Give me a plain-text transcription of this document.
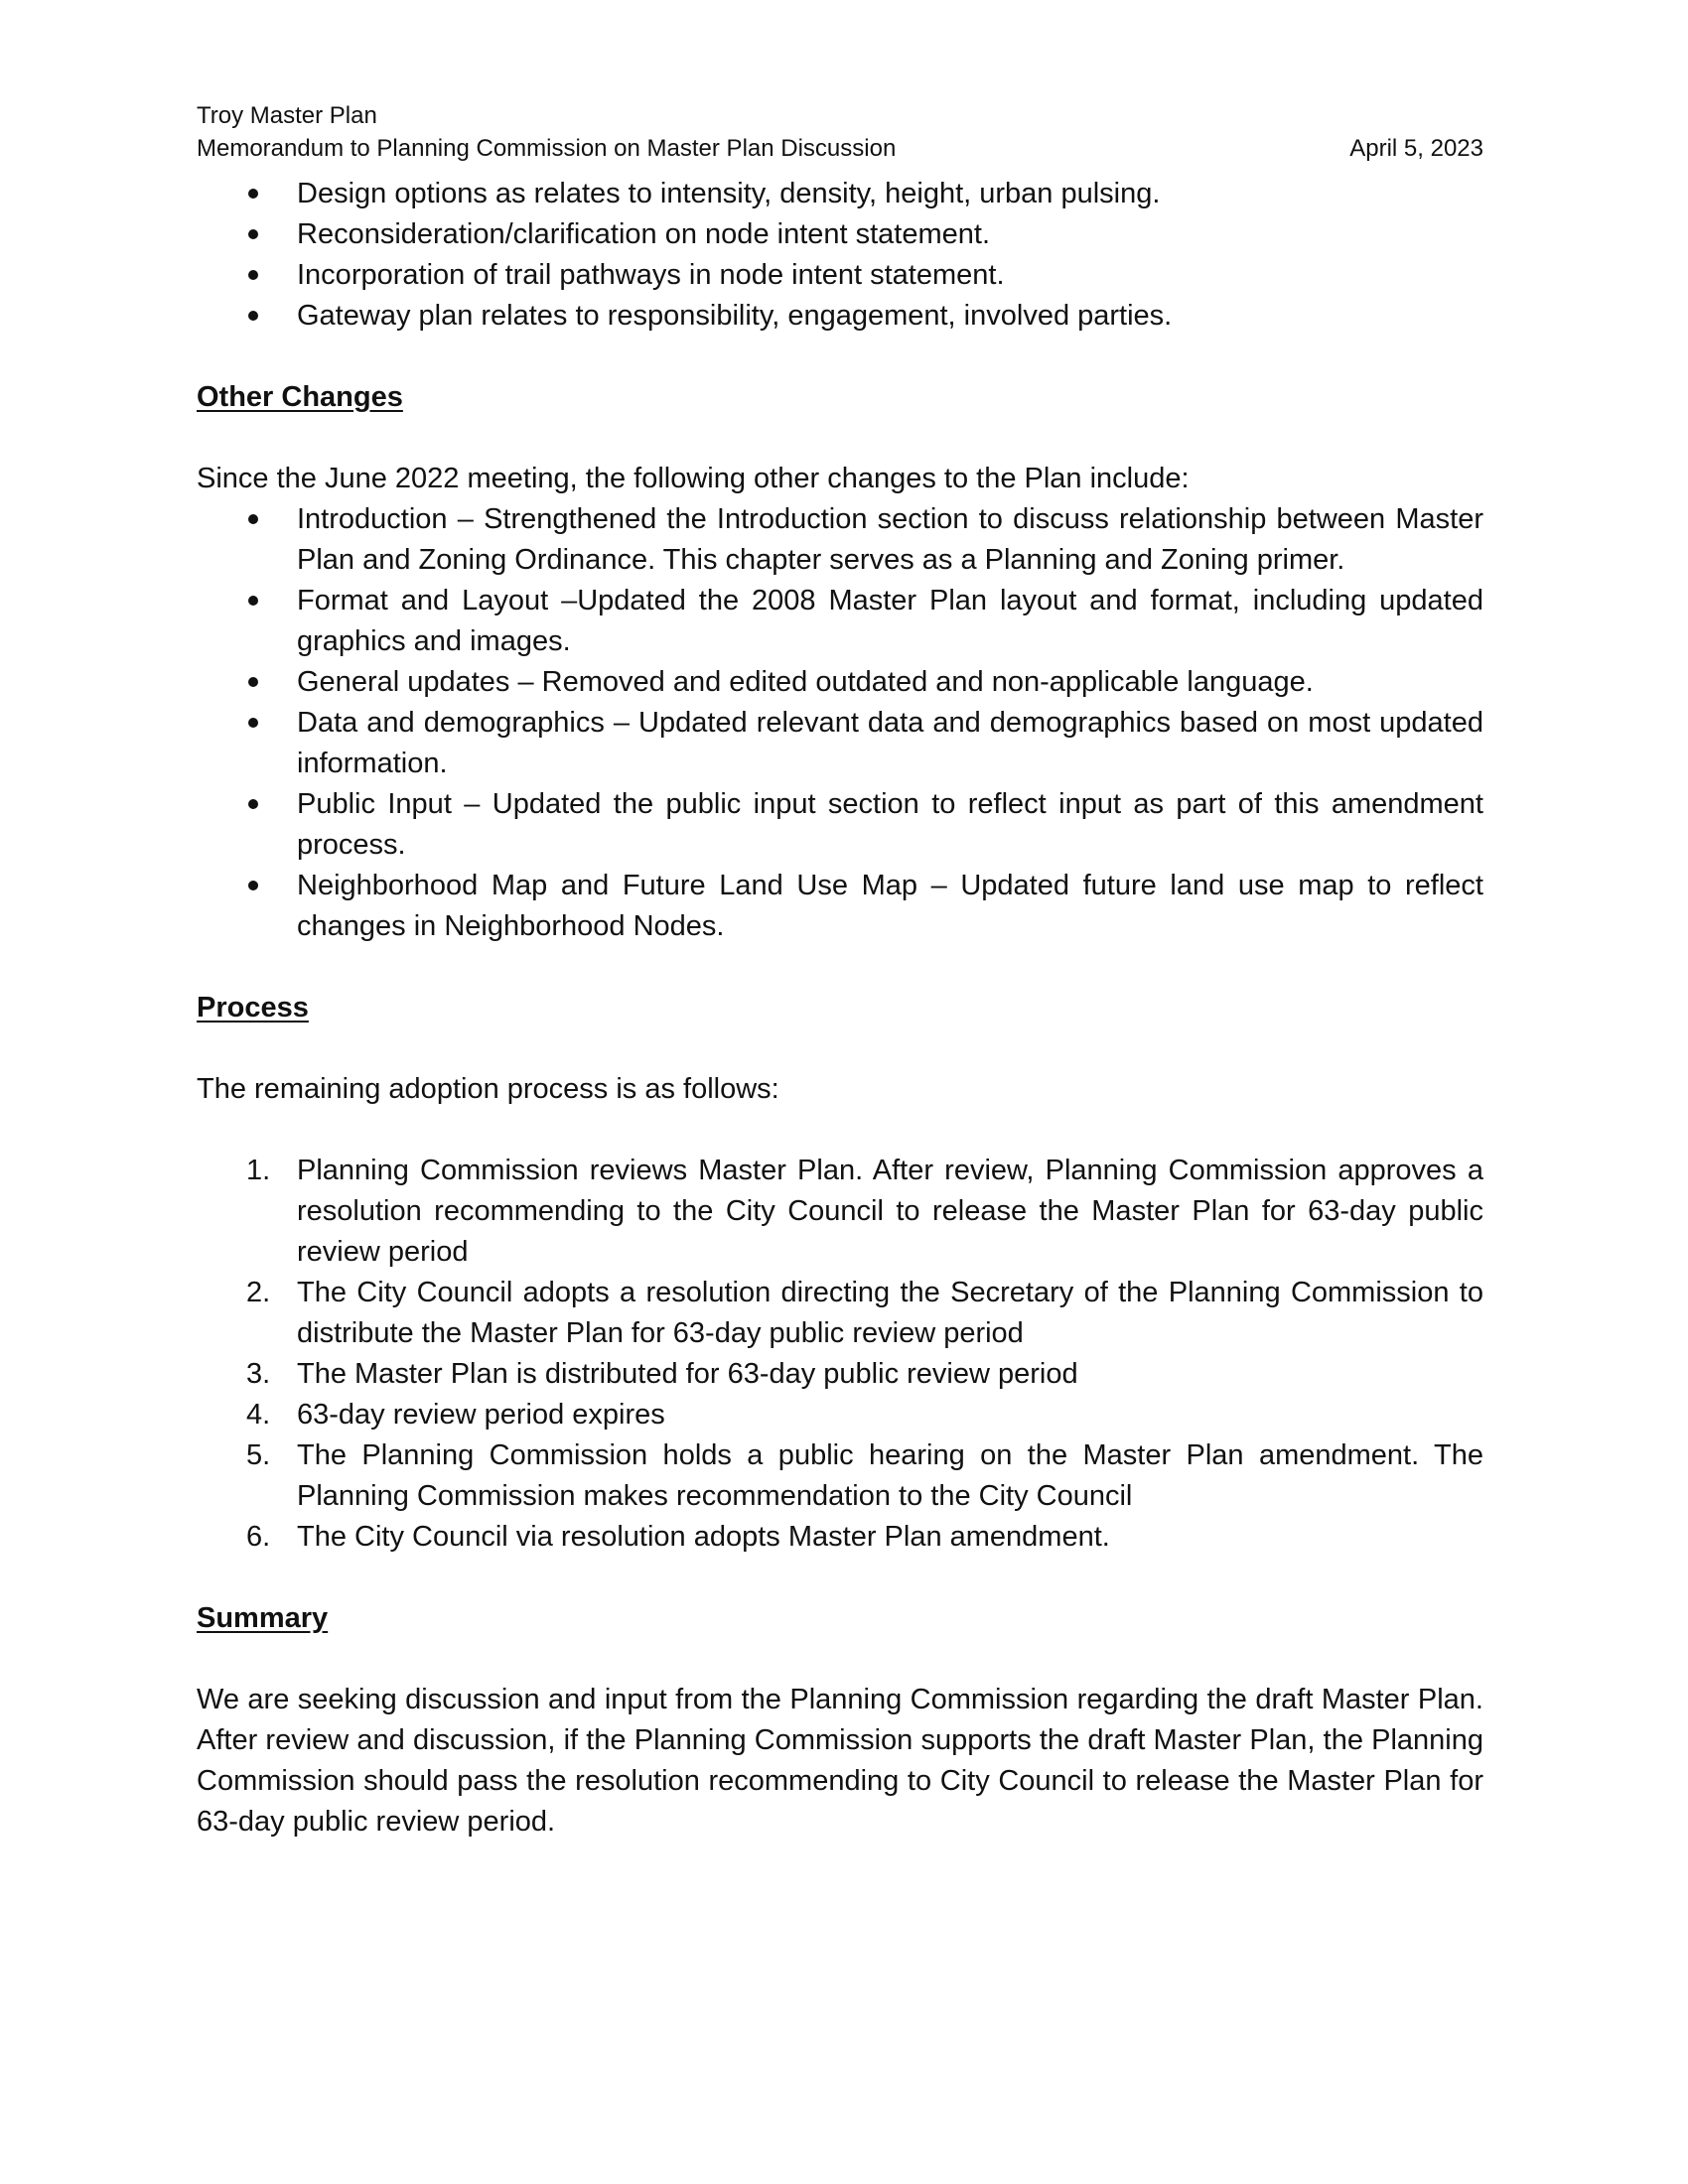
Troy Master Plan
Memorandum to Planning Commission on Master Plan Discussion	April 5, 2023
Design options as relates to intensity, density, height, urban pulsing.
Reconsideration/clarification on node intent statement.
Incorporation of trail pathways in node intent statement.
Gateway plan relates to responsibility, engagement, involved parties.
Other Changes
Since the June 2022 meeting, the following other changes to the Plan include:
Introduction – Strengthened the Introduction section to discuss relationship between Master Plan and Zoning Ordinance. This chapter serves as a Planning and Zoning primer.
Format and Layout –Updated the 2008 Master Plan layout and format, including updated graphics and images.
General updates – Removed and edited outdated and non-applicable language.
Data and demographics – Updated relevant data and demographics based on most updated information.
Public Input – Updated the public input section to reflect input as part of this amendment process.
Neighborhood Map and Future Land Use Map – Updated future land use map to reflect changes in Neighborhood Nodes.
Process
The remaining adoption process is as follows:
1. Planning Commission reviews Master Plan. After review, Planning Commission approves a resolution recommending to the City Council to release the Master Plan for 63-day public review period
2. The City Council adopts a resolution directing the Secretary of the Planning Commission to distribute the Master Plan for 63-day public review period
3. The Master Plan is distributed for 63-day public review period
4. 63-day review period expires
5. The Planning Commission holds a public hearing on the Master Plan amendment. The Planning Commission makes recommendation to the City Council
6. The City Council via resolution adopts Master Plan amendment.
Summary
We are seeking discussion and input from the Planning Commission regarding the draft Master Plan. After review and discussion, if the Planning Commission supports the draft Master Plan, the Planning Commission should pass the resolution recommending to City Council to release the Master Plan for 63-day public review period.
